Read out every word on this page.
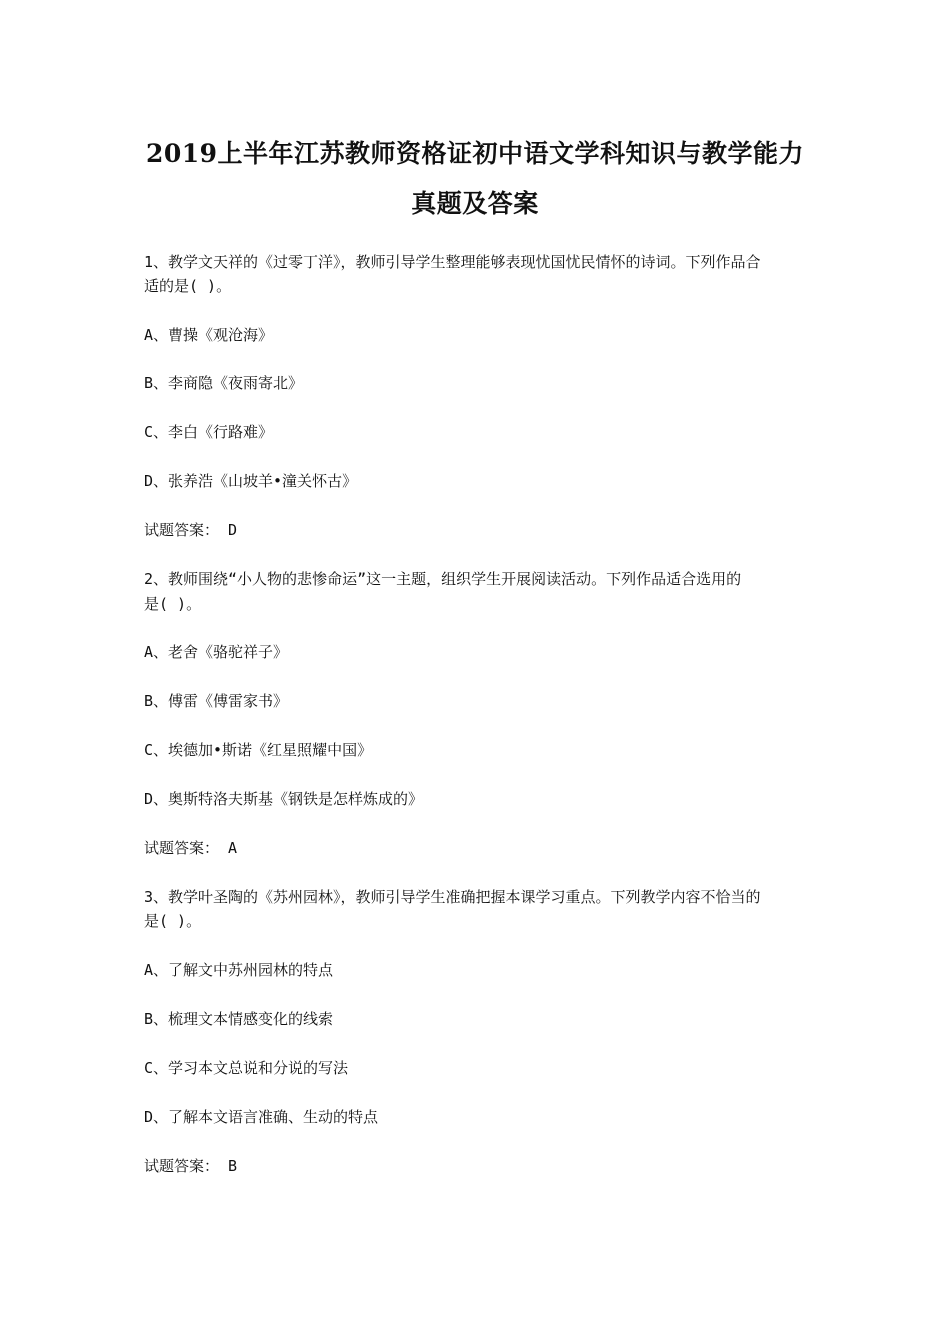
2019上半年江苏教师资格证初中语文学科知识与教学能力
真题及答案
1、教学文天祥的《过零丁洋》，教师引导学生整理能够表现忧国忧民情怀的诗词。下列作品合
适的是( )。
A、曹操《观沧海》
B、李商隐《夜雨寄北》
C、李白《行路难》
D、张养浩《山坡羊•潼关怀古》
试题答案： D
2、教师围绕“小人物的悲惨命运”这一主题，组织学生开展阅读活动。下列作品适合选用的
是( )。
A、老舍《骆驼祥子》
B、傅雷《傅雷家书》
C、埃德加•斯诺《红星照耀中国》
D、奥斯特洛夫斯基《钢铁是怎样炼成的》
试题答案： A
3、教学叶圣陶的《苏州园林》，教师引导学生准确把握本课学习重点。下列教学内容不恰当的
是( )。
A、了解文中苏州园林的特点
B、梳理文本情感变化的线索
C、学习本文总说和分说的写法
D、了解本文语言准确、生动的特点
试题答案： B
